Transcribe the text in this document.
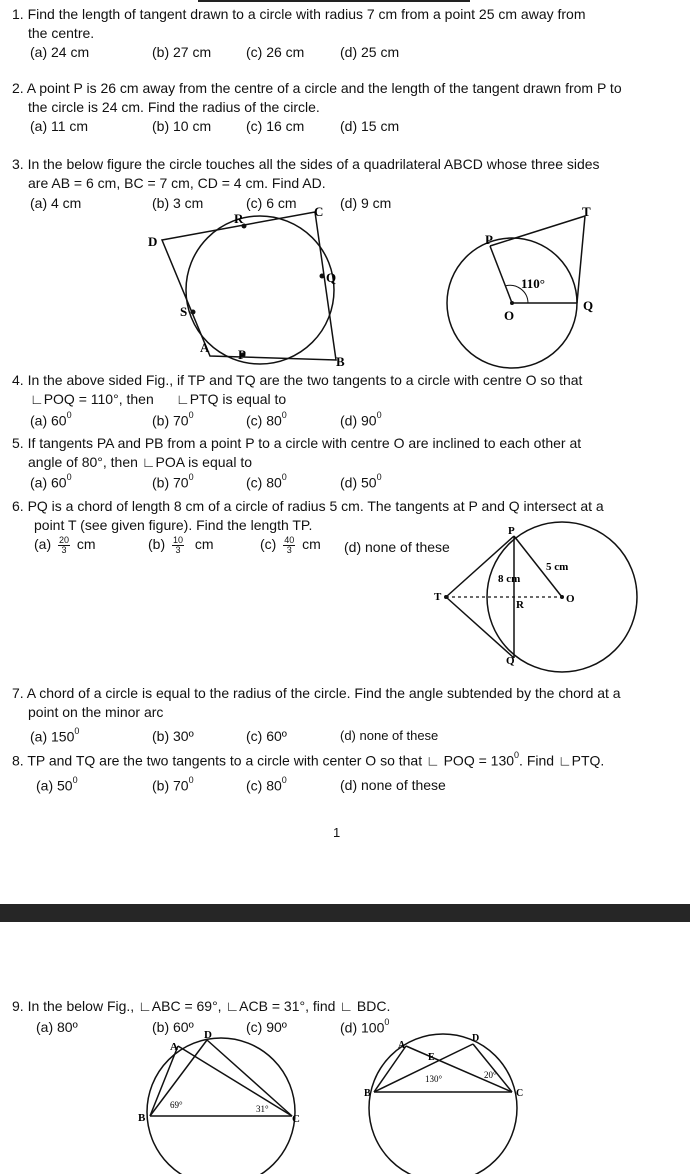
1. Find the length of tangent drawn to a circle with radius 7 cm from a point 25 cm away from
the centre.
(a) 24 cm	(b) 27 cm (c) 26 cm	(d) 25 cm
2. A point P is 26 cm away from the centre of a circle and the length of the tangent drawn from P to
the circle is 24 cm. Find the radius of the circle.
(a) 11 cm	(b) 10 cm (c) 16 cm	(d) 15 cm
3. In the below figure the circle touches all the sides of a quadrilateral ABCD whose three sides
are AB = 6 cm, BC = 7 cm, CD = 4 cm. Find AD.
(a) 4 cm	(b) 3 cm	(c) 6 cm	(d) 9 cm
D
R	C
Q
S
A P	B
P
T
110°
O
Q
4. In the above sided Fig., if TP and TQ are the two tangents to a circle with centre O so that
∟POQ = 110°, then ∟PTQ is equal to
(a) $60^0$	(b) $70^0$	(c) $80^0$	(d) $90^0$
5. If tangents PA and PB from a point P to a circle with centre O are inclined to each other at
angle of 80°, then ∟POA is equal to
(a) $60^0$	(b) $70^0$	(c) $80^0$	(d) $50^0$
6. PQ is a chord of length 8 cm of a circle of radius 5 cm. The tangents at P and Q intersect at a
point T (see given figure). Find the length TP.
$(a) \frac{20}{3}$ cm	$(b) \frac{10}{3}$ cm	$(c) \frac{40}{3}$ cm (d) none of these
P
5 cm
8 cm
T
R	O
Q
7. A chord of a circle is equal to the radius of the circle. Find the angle subtended by the chord at a
point on the minor arc
(a) $150^0$	(b) 30º	(c) 60º	(d) none of these
8. TP and TQ are the two tangents to a circle with center O so that ∟ POQ = $130^0$. Find ∟PTQ.
(a) $50^0$	(b) $70^0$	(c) $80^0$	(d) none of these
1
9. In the below Fig., ∟ABC = 69°, ∟ACB = 31°, find ∟ BDC.
(a) 80º	(b) 60º	(c) 90º	(d) $100^0$
D
A
B
69°	31°
C
A
D
E
130°	20°
B	C
